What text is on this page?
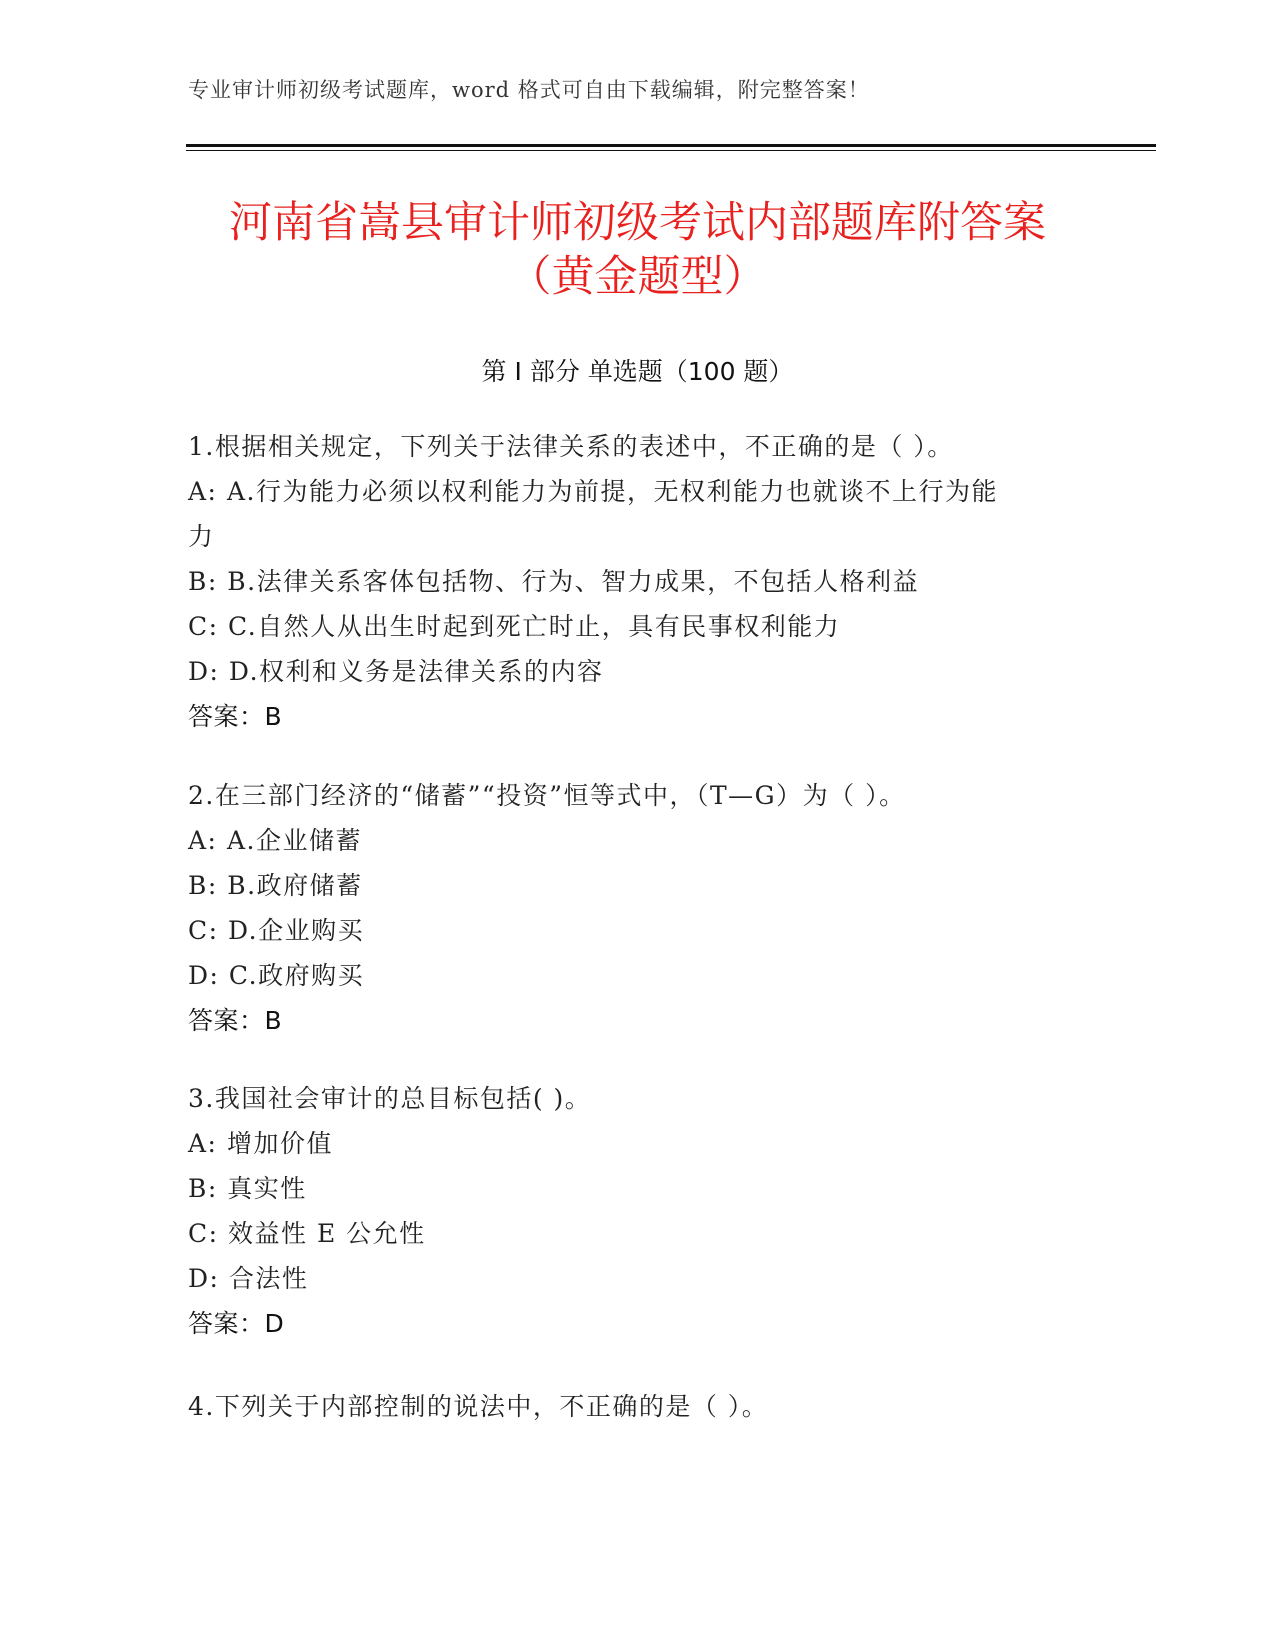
专业审计师初级考试题库，word 格式可自由下载编辑，附完整答案！
河南省嵩县审计师初级考试内部题库附答案
（黄金题型）
第 I 部分 单选题（100 题）
1.根据相关规定，下列关于法律关系的表述中，不正确的是（ ）。
A: A.行为能力必须以权利能力为前提，无权利能力也就谈不上行为能
力
B: B.法律关系客体包括物、行为、智力成果，不包括人格利益
C: C.自然人从出生时起到死亡时止，具有民事权利能力
D: D.权利和义务是法律关系的内容
答案：B
2.在三部门经济的“储蓄”“投资”恒等式中，（T—G）为（ ）。
A: A.企业储蓄
B: B.政府储蓄
C: D.企业购买
D: C.政府购买
答案：B
3.我国社会审计的总目标包括( )。
A: 增加价值
B: 真实性
C: 效益性 E 公允性
D: 合法性
答案：D
4.下列关于内部控制的说法中，不正确的是（ ）。
